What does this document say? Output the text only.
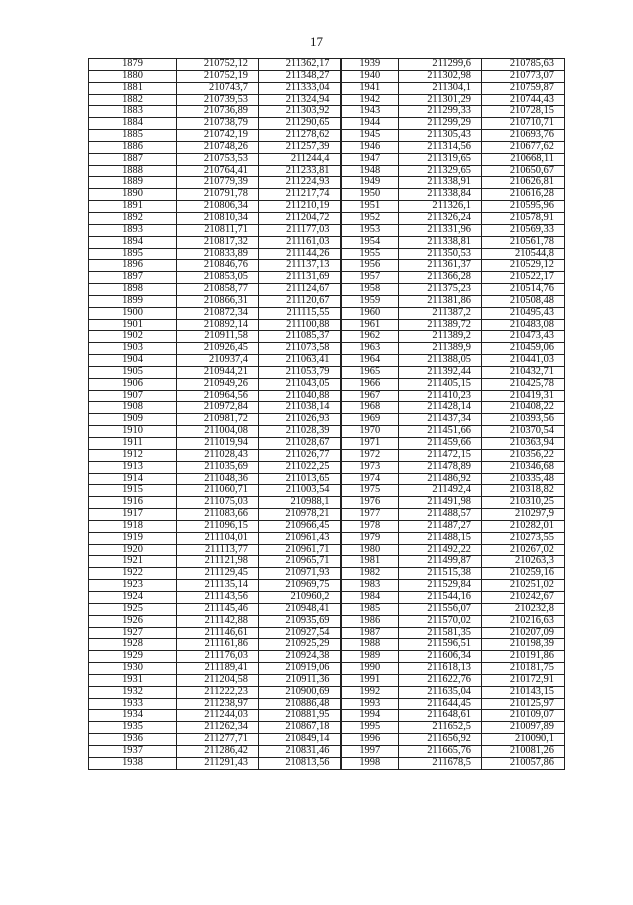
17
1879	210752,12	211362,17	1939	211299,6	210785,63
1880	210752,19	211348,27	1940	211302,98	210773,07
1881	210743,7	211333,04	1941	211304,1	210759,87
1882	210739,53	211324,94	1942	211301,29	210744,43
1883	210736,89	211303,92	1943	211299,33	210728,15
1884	210738,79	211290,65	1944	211299,29	210710,71
1885	210742,19	211278,62	1945	211305,43	210693,76
1886	210748,26	211257,39	1946	211314,56	210677,62
1887	210753,53	211244,4	1947	211319,65	210668,11
1888	210764,41	211233,81	1948	211329,65	210650,67
1889	210779,39	211224,93	1949	211338,91	210626,81
1890	210791,78	211217,74	1950	211338,84	210616,28
1891	210806,34	211210,19	1951	211326,1	210595,96
1892	210810,34	211204,72	1952	211326,24	210578,91
1893	210811,71	211177,03	1953	211331,96	210569,33
1894	210817,32	211161,03	1954	211338,81	210561,78
1895	210833,89	211144,26	1955	211350,53	210544,8
1896	210846,76	211137,13	1956	211361,37	210529,12
1897	210853,05	211131,69	1957	211366,28	210522,17
1898	210858,77	211124,67	1958	211375,23	210514,76
1899	210866,31	211120,67	1959	211381,86	210508,48
1900	210872,34	211115,55	1960	211387,2	210495,43
1901	210892,14	211100,88	1961	211389,72	210483,08
1902	210911,58	211085,37	1962	211389,2	210473,43
1903	210926,45	211073,58	1963	211389,9	210459,06
1904	210937,4	211063,41	1964	211388,05	210441,03
1905	210944,21	211053,79	1965	211392,44	210432,71
1906	210949,26	211043,05	1966	211405,15	210425,78
1907	210964,56	211040,88	1967	211410,23	210419,31
1908	210972,84	211038,14	1968	211428,14	210408,22
1909	210981,72	211026,93	1969	211437,34	210393,56
1910	211004,08	211028,39	1970	211451,66	210370,54
1911	211019,94	211028,67	1971	211459,66	210363,94
1912	211028,43	211026,77	1972	211472,15	210356,22
1913	211035,69	211022,25	1973	211478,89	210346,68
1914	211048,36	211013,65	1974	211486,92	210335,48
1915	211060,71	211003,54	1975	211492,4	210318,82
1916	211075,03	210988,1	1976	211491,98	210310,25
1917	211083,66	210978,21	1977	211488,57	210297,9
1918	211096,15	210966,45	1978	211487,27	210282,01
1919	211104,01	210961,43	1979	211488,15	210273,55
1920	211113,77	210961,71	1980	211492,22	210267,02
1921	211121,98	210965,71	1981	211499,87	210263,3
1922	211129,45	210971,93	1982	211515,38	210259,16
1923	211135,14	210969,75	1983	211529,84	210251,02
1924	211143,56	210960,2	1984	211544,16	210242,67
1925	211145,46	210948,41	1985	211556,07	210232,8
1926	211142,88	210935,69	1986	211570,02	210216,63
1927	211146,61	210927,54	1987	211581,35	210207,09
1928	211161,86	210925,29	1988	211596,51	210198,39
1929	211176,03	210924,38	1989	211606,34	210191,86
1930	211189,41	210919,06	1990	211618,13	210181,75
1931	211204,58	210911,36	1991	211622,76	210172,91
1932	211222,23	210900,69	1992	211635,04	210143,15
1933	211238,97	210886,48	1993	211644,45	210125,97
1934	211244,03	210881,95	1994	211648,61	210109,07
1935	211262,34	210867,18	1995	211652,5	210097,89
1936	211277,71	210849,14	1996	211656,92	210090,1
1937	211286,42	210831,46	1997	211665,76	210081,26
1938	211291,43	210813,56	1998	211678,5	210057,86
